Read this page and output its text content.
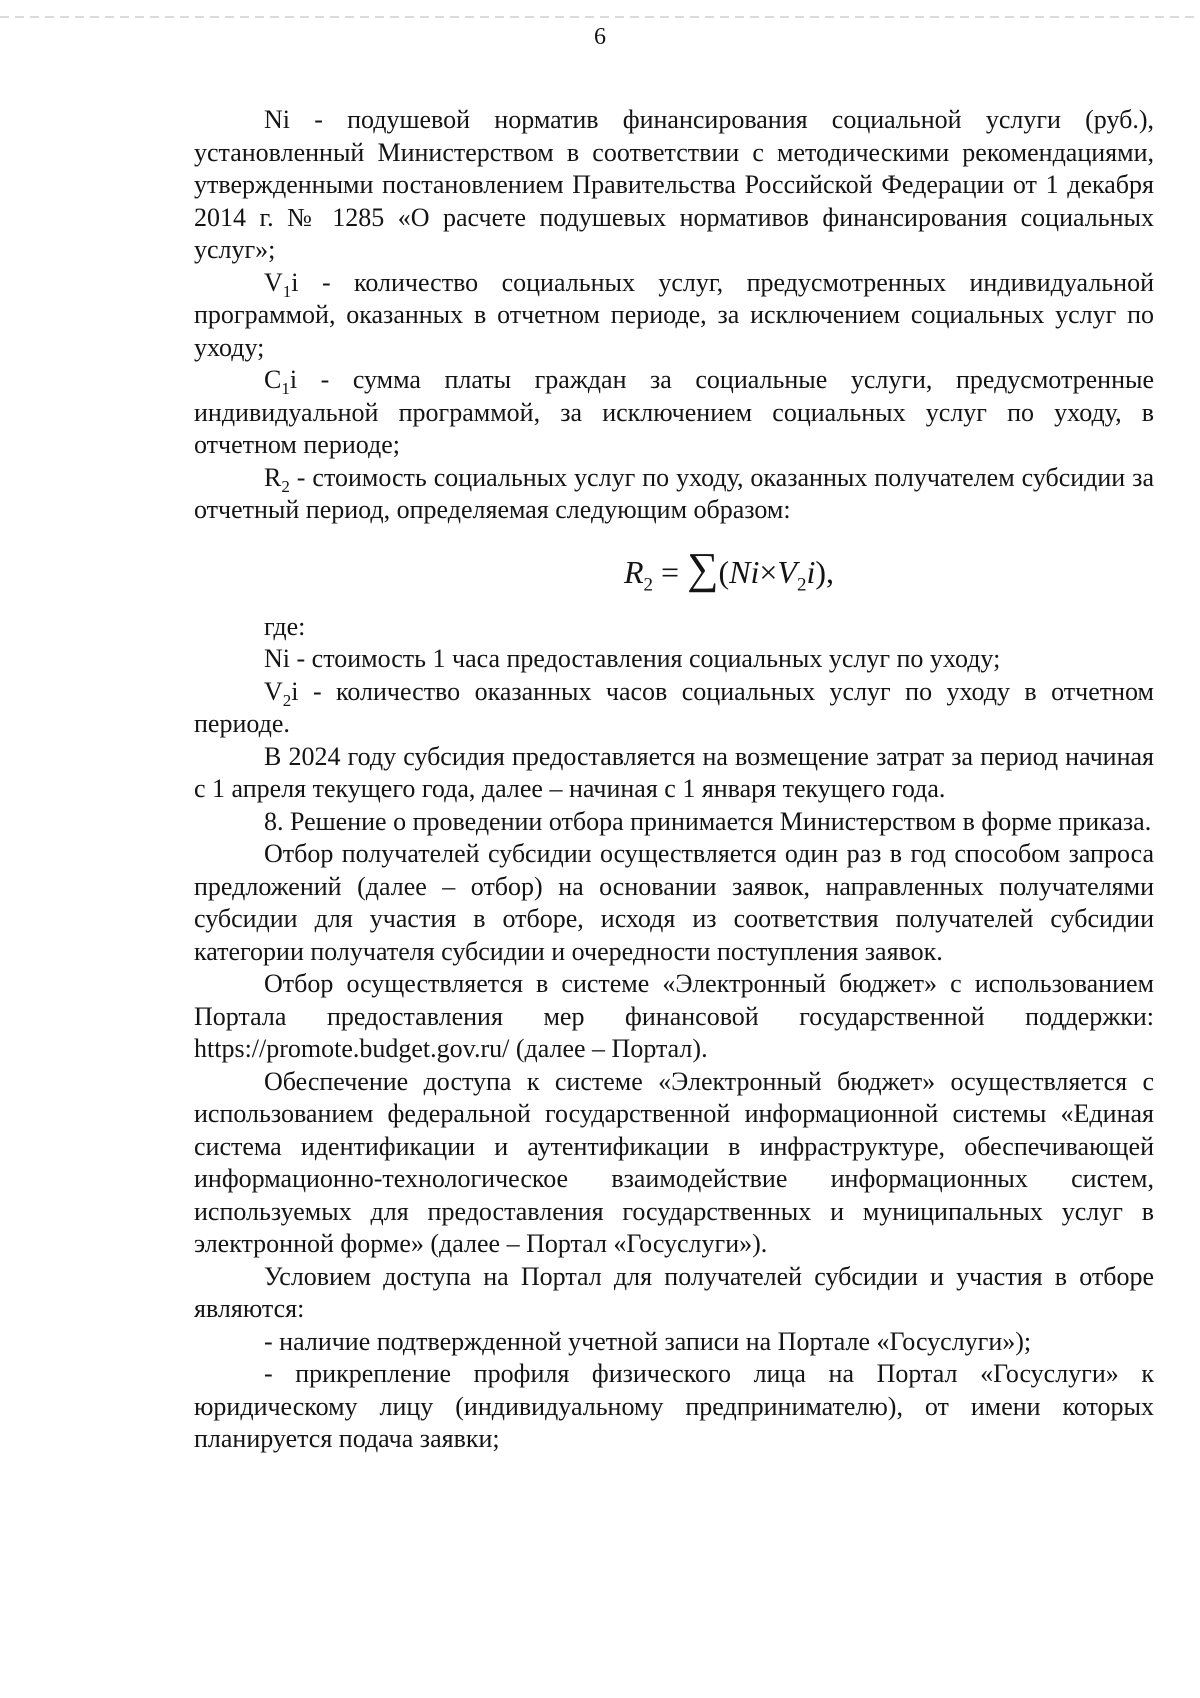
6

Ni - подушевой норматив финансирования социальной услуги (руб.), установленный Министерством в соответствии с методическими рекомендациями, утвержденными постановлением Правительства Российской Федерации от 1 декабря 2014 г. № 1285 «О расчете подушевых нормативов финансирования социальных услуг»;

$V_1i$ - количество социальных услуг, предусмотренных индивидуальной программой, оказанных в отчетном периоде, за исключением социальных услуг по уходу;

$C_1i$ - сумма платы граждан за социальные услуги, предусмотренные индивидуальной программой, за исключением социальных услуг по уходу, в отчетном периоде;

$R_2$ - стоимость социальных услуг по уходу, оказанных получателем субсидии за отчетный период, определяемая следующим образом:

$R_2 = \sum(Ni\times V_2i)$,

где:

Ni - стоимость 1 часа предоставления социальных услуг по уходу;

$V_2i$ - количество оказанных часов социальных услуг по уходу в отчетном периоде.

В 2024 году субсидия предоставляется на возмещение затрат за период начиная с 1 апреля текущего года, далее – начиная с 1 января текущего года.

8. Решение о проведении отбора принимается Министерством в форме приказа.

Отбор получателей субсидии осуществляется один раз в год способом запроса предложений (далее – отбор) на основании заявок, направленных получателями субсидии для участия в отборе, исходя из соответствия получателей субсидии категории получателя субсидии и очередности поступления заявок.

Отбор осуществляется в системе «Электронный бюджет» с использованием Портала предоставления мер финансовой государственной поддержки: https://promote.budget.gov.ru/ (далее – Портал).

Обеспечение доступа к системе «Электронный бюджет» осуществляется с использованием федеральной государственной информационной системы «Единая система идентификации и аутентификации в инфраструктуре, обеспечивающей информационно-технологическое взаимодействие информационных систем, используемых для предоставления государственных и муниципальных услуг в электронной форме» (далее – Портал «Госуслуги»).

Условием доступа на Портал для получателей субсидии и участия в отборе являются:

- наличие подтвержденной учетной записи на Портале «Госуслуги»);

- прикрепление профиля физического лица на Портал «Госуслуги» к юридическому лицу (индивидуальному предпринимателю), от имени которых планируется подача заявки;
